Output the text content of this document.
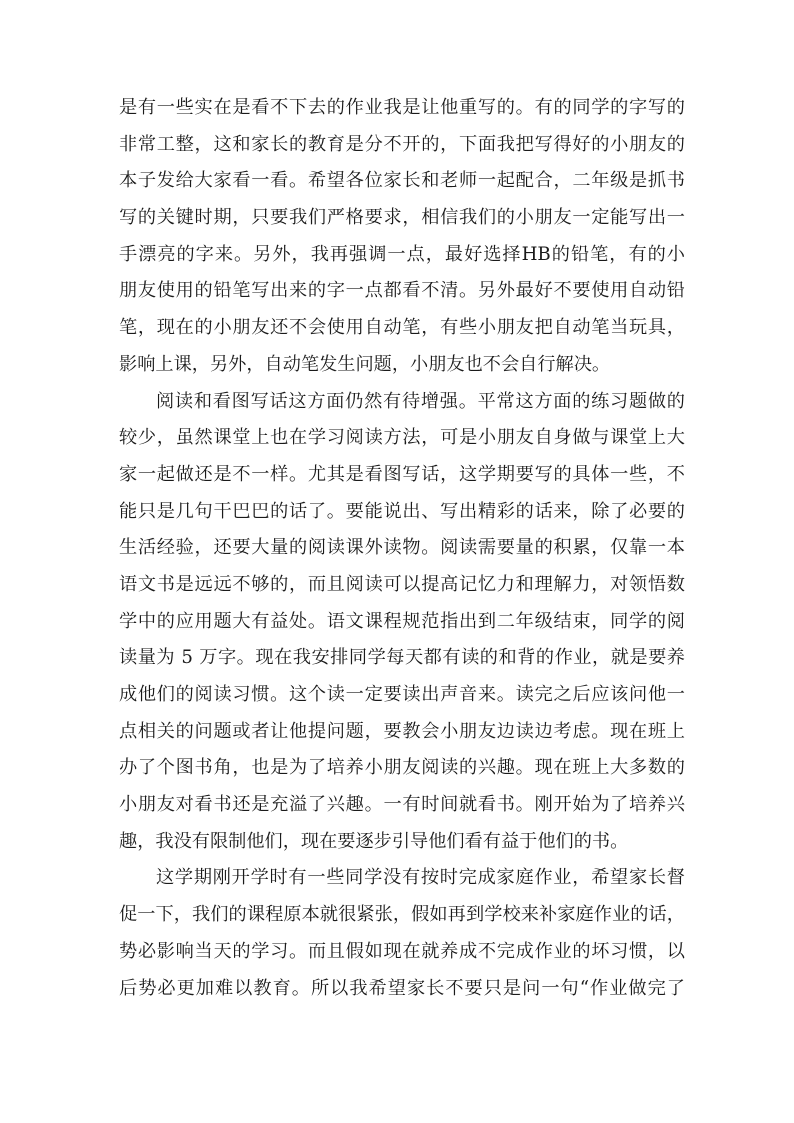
是有一些实在是看不下去的作业我是让他重写的。有的同学的字写的
非常工整，这和家长的教育是分不开的，下面我把写得好的小朋友的
本子发给大家看一看。希望各位家长和老师一起配合，二年级是抓书
写的关键时期，只要我们严格要求，相信我们的小朋友一定能写出一
手漂亮的字来。另外，我再强调一点，最好选择HB的铅笔，有的小
朋友使用的铅笔写出来的字一点都看不清。另外最好不要使用自动铅
笔，现在的小朋友还不会使用自动笔，有些小朋友把自动笔当玩具，
影响上课，另外，自动笔发生问题，小朋友也不会自行解决。
阅读和看图写话这方面仍然有待增强。平常这方面的练习题做的
较少，虽然课堂上也在学习阅读方法，可是小朋友自身做与课堂上大
家一起做还是不一样。尤其是看图写话，这学期要写的具体一些，不
能只是几句干巴巴的话了。要能说出、写出精彩的话来，除了必要的
生活经验，还要大量的阅读课外读物。阅读需要量的积累，仅靠一本
语文书是远远不够的，而且阅读可以提高记忆力和理解力，对领悟数
学中的应用题大有益处。语文课程规范指出到二年级结束，同学的阅
读量为 5 万字。现在我安排同学每天都有读的和背的作业，就是要养
成他们的阅读习惯。这个读一定要读出声音来。读完之后应该问他一
点相关的问题或者让他提问题，要教会小朋友边读边考虑。现在班上
办了个图书角，也是为了培养小朋友阅读的兴趣。现在班上大多数的
小朋友对看书还是充溢了兴趣。一有时间就看书。刚开始为了培养兴
趣，我没有限制他们，现在要逐步引导他们看有益于他们的书。
这学期刚开学时有一些同学没有按时完成家庭作业，希望家长督
促一下，我们的课程原本就很紧张，假如再到学校来补家庭作业的话，
势必影响当天的学习。而且假如现在就养成不完成作业的坏习惯，以
后势必更加难以教育。所以我希望家长不要只是问一句“作业做完了
